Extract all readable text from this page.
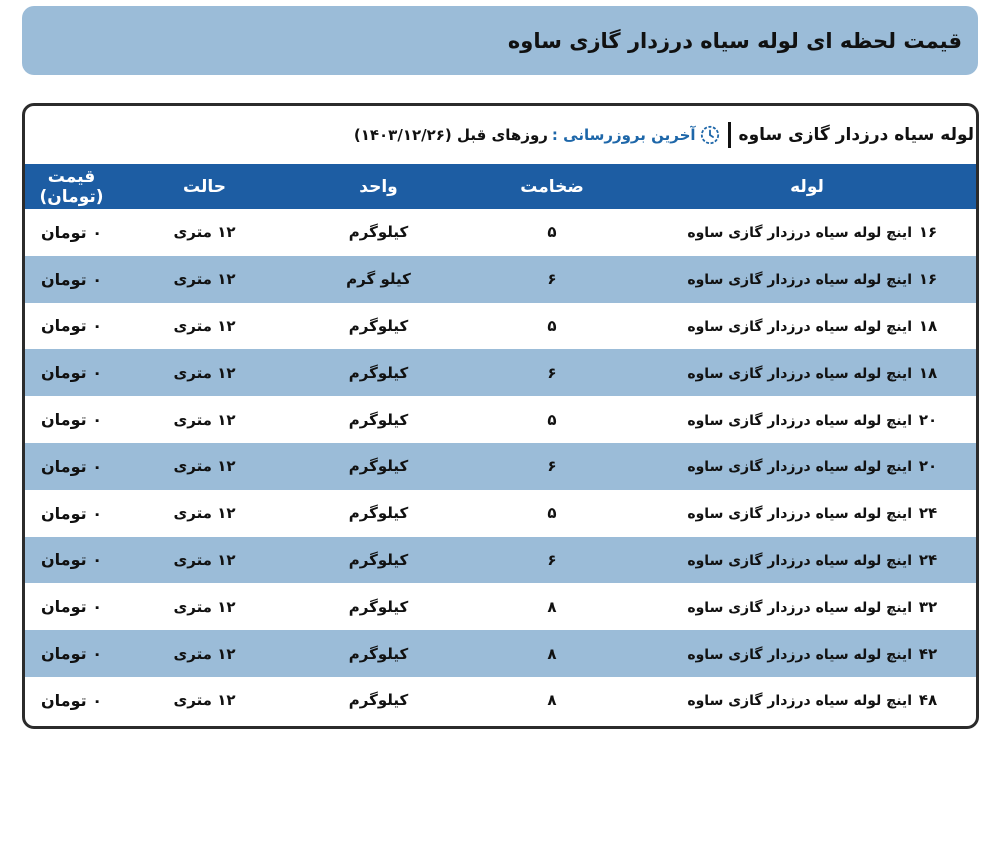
قیمت لحظه ای لوله سیاه درزدار گازی ساوه
لوله سیاه درزدار گازی ساوه
آخرین بروزرسانی :
روزهای قبل (۱۴۰۳/۱۲/۲۶)
لوله	ضخامت	واحد	حالت	قیمت (تومان)
۱۶اینچ لوله سیاه درزدار گازی ساوه	۵	کیلوگرم	۱۲ متری	۰ تومان
۱۶اینچ لوله سیاه درزدار گازی ساوه	۶	کیلو گرم	۱۲ متری	۰ تومان
۱۸اینچ لوله سیاه درزدار گازی ساوه	۵	کیلوگرم	۱۲ متری	۰ تومان
۱۸اینچ لوله سیاه درزدار گازی ساوه	۶	کیلوگرم	۱۲ متری	۰ تومان
۲۰اینچ لوله سیاه درزدار گازی ساوه	۵	کیلوگرم	۱۲ متری	۰ تومان
۲۰اینچ لوله سیاه درزدار گازی ساوه	۶	کیلوگرم	۱۲ متری	۰ تومان
۲۴اینچ لوله سیاه درزدار گازی ساوه	۵	کیلوگرم	۱۲ متری	۰ تومان
۲۴اینچ لوله سیاه درزدار گازی ساوه	۶	کیلوگرم	۱۲ متری	۰ تومان
۳۲اینچ لوله سیاه درزدار گازی ساوه	۸	کیلوگرم	۱۲ متری	۰ تومان
۴۲اینچ لوله سیاه درزدار گازی ساوه	۸	کیلوگرم	۱۲ متری	۰ تومان
۴۸اینچ لوله سیاه درزدار گازی ساوه	۸	کیلوگرم	۱۲ متری	۰ تومان
